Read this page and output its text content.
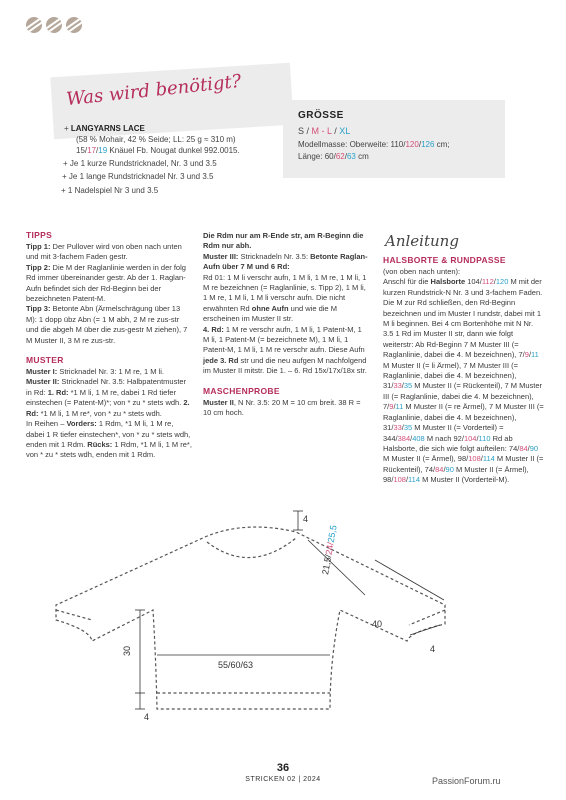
Was wird benötigt?
+ LANGYARNS LACE
(58 % Mohair, 42 % Seide; LL: 25 g ≈ 310 m)
15/17/19 Knäuel Fb. Nougat dunkel 992.0015.
+ Je 1 kurze Rundstricknadel, Nr. 3 und 3.5
+ Je 1 lange Rundstricknadel Nr. 3 und 3.5
+ 1 Nadelspiel Nr 3 und 3.5
GRÖSSE
S / M - L / XL
Modellmasse: Oberweite: 110/120/126 cm;
Länge: 60/62/63 cm
TIPPS

Tipp 1: Der Pullover wird von oben nach unten und mit 3-fachem Faden gestr.

Tipp 2: Die M der Raglanlinie werden in der folg Rd immer übereinander gestr. Ab der 1. Raglan-Aufn befindet sich der Rd-Beginn bei der bezeichneten Patent-M.

Tipp 3: Betonte Abn (Ärmelschrägung über 13 M): 1 dopp übz Abn (= 1 M abh, 2 M re zus-str und die abgeh M über die zus-gestr M ziehen), 7 M Muster II, 3 M re zus-str.

MUSTER

Muster I: Stricknadel Nr. 3: 1 M re, 1 M li.

Muster II: Stricknadel Nr. 3.5: Halbpatentmuster in Rd: 1. Rd: *1 M li, 1 M re, dabei 1 Rd tiefer einstechen (= Patent-M)*; von * zu * stets wdh. 2. Rd: *1 M li, 1 M re*, von * zu * stets wdh.

In Reihen – Vorders: 1 Rdm, *1 M li, 1 M re, dabei 1 R tiefer einstechen*, von * zu * stets wdh, enden mit 1 Rdm. Rücks: 1 Rdm, *1 M li, 1 M re*, von * zu * stets wdh, enden mit 1 Rdm.

Die Rdm nur am R-Ende str, am R-Beginn die Rdm nur abh.

Muster III: Stricknadeln Nr. 3.5: Betonte Raglan-Aufn über 7 M und 6 Rd:

Rd 01: 1 M li verschr aufn, 1 M li, 1 M re, 1 M li, 1 M re bezeichnen (= Raglanlinie, s. Tipp 2), 1 M li, 1 M re, 1 M li, 1 M li verschr aufn. Die nicht erwähnten Rd ohne Aufn und wie die M erscheinen im Muster II str.

4. Rd: 1 M re verschr aufn, 1 M li, 1 Patent-M, 1 M li, 1 Patent-M (= bezeichnete M), 1 M li, 1 Patent-M, 1 M li, 1 M re verschr aufn. Diese Aufn jede 3. Rd str und die neu aufgen M nachfolgend im Muster II mitstr. Die 1. – 6. Rd 15x/17x/18x str.

MASCHENPROBE

Muster II, N Nr. 3.5: 20 M = 10 cm breit. 38 R = 10 cm hoch.

Anleitung
HALSBORTE & RUNDPASSE

(von oben nach unten):

Anschl für die Halsborte 104/112/120 M mit der kurzen Rundstrick-N Nr. 3 und 3-fachem Faden. Die M zur Rd schließen, den Rd-Beginn bezeichnen und im Muster I rundstr, dabei mit 1 M li beginnen. Bei 4 cm Bortenhöhe mit N Nr. 3.5 1 Rd im Muster II str, dann wie folgt weiterstr: Ab Rd-Beginn 7 M Muster III (= Raglanlinie, dabei die 4. M bezeichnen), 7/9/11 M Muster II (= li Ärmel), 7 M Muster III (= Raglanlinie, dabei die 4. M bezeichnen), 31/33/35 M Muster II (= Rückenteil), 7 M Muster III (= Raglanlinie, dabei die 4. M bezeichnen), 7/9/11 M Muster II (= re Ärmel), 7 M Muster III (= Raglanlinie, dabei die 4. M bezeichnen), 31/33/35 M Muster II (= Vorderteil) = 344/384/408 M nach 92/104/110 Rd ab Halsborte, die sich wie folgt aufteilen: 74/84/90 M Muster II (= Ärmel), 98/108/114 M Muster II (= Rückenteil), 74/84/90 M Muster II (= Ärmel), 98/108/114 M Muster II (Vorderteil-M).

4
21,5/24/25,5
40
4
30
4
55/60/63
36
STRICKEN 02 | 2024	PassionForum.ru
